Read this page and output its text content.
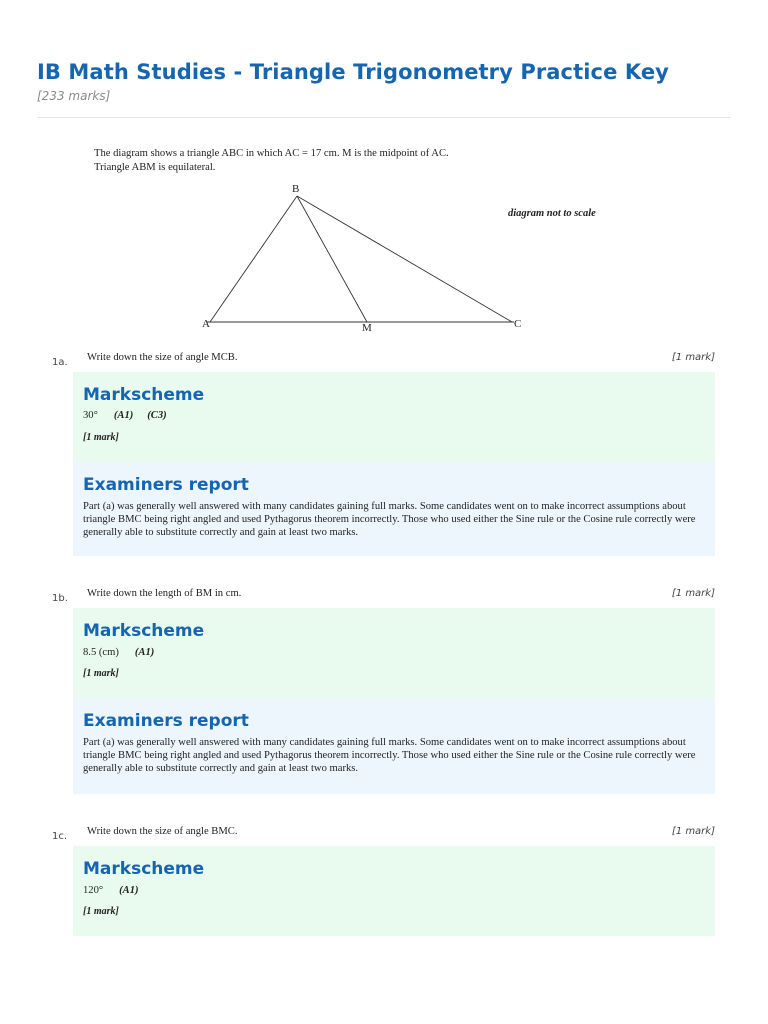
IB Math Studies - Triangle Trigonometry Practice Key
[233 marks]
The diagram shows a triangle ABC in which AC = 17 cm. M is the midpoint of AC.
Triangle ABM is equilateral.
B
A	M	C
diagram not to scale
1a. Write down the size of angle MCB.	[1 mark]
Markscheme
30° (A1) (C3)
[1 mark]
Examiners report
Part (a) was generally well answered with many candidates gaining full marks. Some candidates went on to make incorrect assumptions about triangle BMC being right angled and used Pythagorus theorem incorrectly. Those who used either the Sine rule or the Cosine rule correctly were generally able to substitute correctly and gain at least two marks.
1b. Write down the length of BM in cm.	[1 mark]
Markscheme
8.5 (cm) (A1)
[1 mark]
Examiners report
Part (a) was generally well answered with many candidates gaining full marks. Some candidates went on to make incorrect assumptions about triangle BMC being right angled and used Pythagorus theorem incorrectly. Those who used either the Sine rule or the Cosine rule correctly were generally able to substitute correctly and gain at least two marks.
1c. Write down the size of angle BMC.	[1 mark]
Markscheme
120° (A1)
[1 mark]
